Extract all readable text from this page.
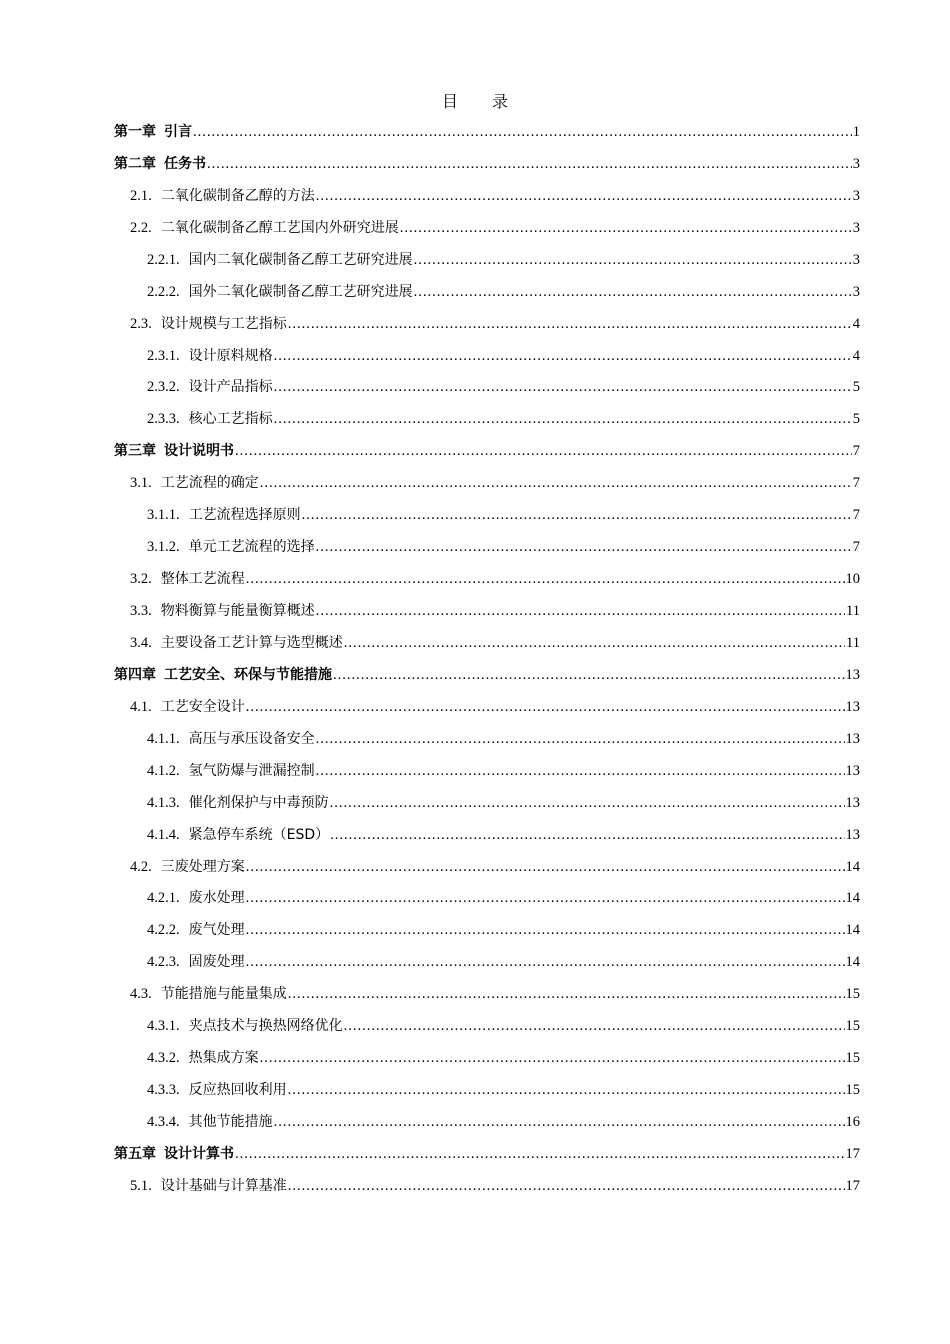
目 录
第一章 引言 .....	1
第二章 任务书 .....	3
2.1. 二氧化碳制备乙醇的方法 .....	3
2.2. 二氧化碳制备乙醇工艺国内外研究进展 .....	3
2.2.1. 国内二氧化碳制备乙醇工艺研究进展 .....	3
2.2.2. 国外二氧化碳制备乙醇工艺研究进展 .....	3
2.3. 设计规模与工艺指标 .....	4
2.3.1. 设计原料规格 .....	4
2.3.2. 设计产品指标 .....	5
2.3.3. 核心工艺指标 .....	5
第三章 设计说明书 .....	7
3.1. 工艺流程的确定 .....	7
3.1.1. 工艺流程选择原则 .....	7
3.1.2. 单元工艺流程的选择 .....	7
3.2. 整体工艺流程 .....	10
3.3. 物料衡算与能量衡算概述 .....	11
3.4. 主要设备工艺计算与选型概述 .....	11
第四章 工艺安全、环保与节能措施 .....	13
4.1. 工艺安全设计 .....	13
4.1.1. 高压与承压设备安全 .....	13
4.1.2. 氢气防爆与泄漏控制 .....	13
4.1.3. 催化剂保护与中毒预防 .....	13
4.1.4. 紧急停车系统（ESD） .....	13
4.2. 三废处理方案 .....	14
4.2.1. 废水处理 .....	14
4.2.2. 废气处理 .....	14
4.2.3. 固废处理 .....	14
4.3. 节能措施与能量集成 .....	15
4.3.1. 夹点技术与换热网络优化 .....	15
4.3.2. 热集成方案 .....	15
4.3.3. 反应热回收利用 .....	15
4.3.4. 其他节能措施 .....	16
第五章 设计计算书 .....	17
5.1. 设计基础与计算基准 .....	17
